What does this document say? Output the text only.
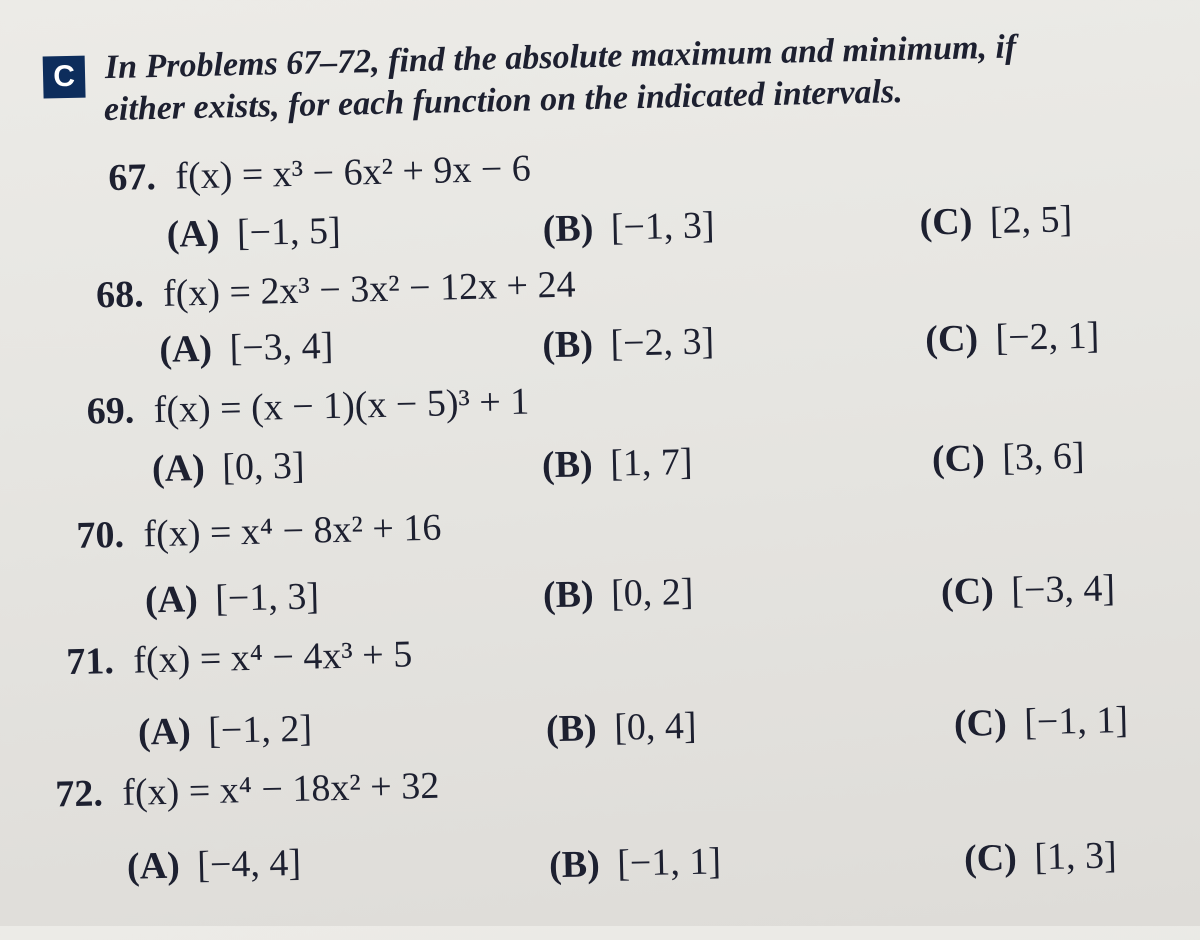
C In Problems 67–72, find the absolute maximum and minimum, if
either exists, for each function on the indicated intervals.
67. f(x) = x³ − 6x² + 9x − 6
(A) [−1, 5]	(B) [−1, 3]	(C) [2, 5]
68. f(x) = 2x³ − 3x² − 12x + 24
(A) [−3, 4]	(B) [−2, 3]	(C) [−2, 1]
69. f(x) = (x − 1)(x − 5)³ + 1
(A) [0, 3]	(B) [1, 7]	(C) [3, 6]
70. f(x) = x⁴ − 8x² + 16
(A) [−1, 3]	(B) [0, 2]	(C) [−3, 4]
71. f(x) = x⁴ − 4x³ + 5
(A) [−1, 2]	(B) [0, 4]	(C) [−1, 1]
72. f(x) = x⁴ − 18x² + 32
(A) [−4, 4]	(B) [−1, 1]	(C) [1, 3]
